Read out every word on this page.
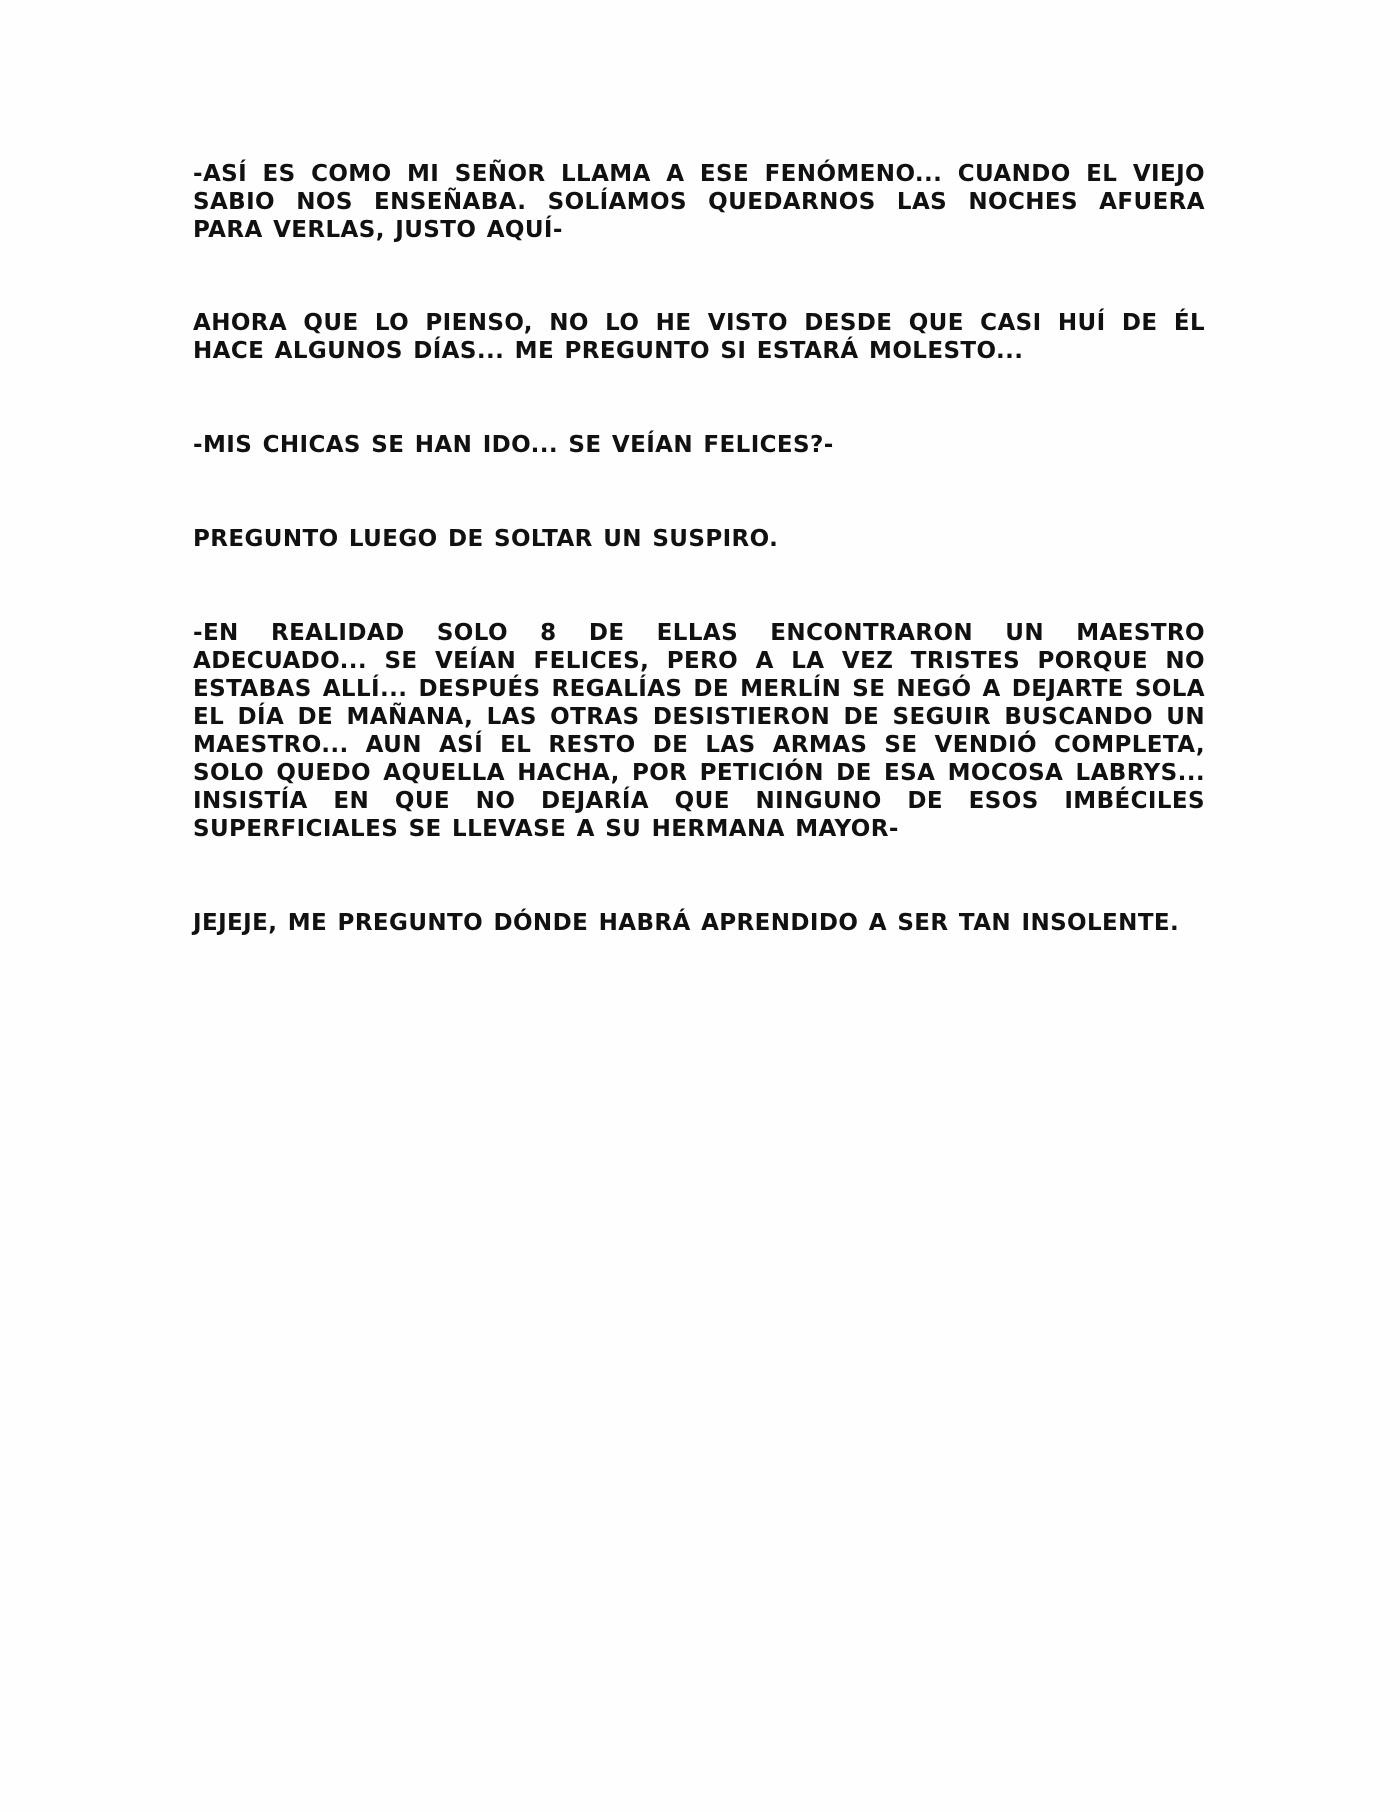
-ASÍ ES COMO MI SEÑOR LLAMA A ESE FENÓMENO... CUANDO EL VIEJO SABIO NOS ENSEÑABA. SOLÍAMOS QUEDARNOS LAS NOCHES AFUERA PARA VERLAS, JUSTO AQUÍ-

AHORA QUE LO PIENSO, NO LO HE VISTO DESDE QUE CASI HUÍ DE ÉL HACE ALGUNOS DÍAS... ME PREGUNTO SI ESTARÁ MOLESTO...

-MIS CHICAS SE HAN IDO... SE VEÍAN FELICES?-

PREGUNTO LUEGO DE SOLTAR UN SUSPIRO.

-EN REALIDAD SOLO 8 DE ELLAS ENCONTRARON UN MAESTRO ADECUADO... SE VEÍAN FELICES, PERO A LA VEZ TRISTES PORQUE NO ESTABAS ALLÍ... DESPUÉS REGALÍAS DE MERLÍN SE NEGÓ A DEJARTE SOLA EL DÍA DE MAÑANA, LAS OTRAS DESISTIERON DE SEGUIR BUSCANDO UN MAESTRO... AUN ASÍ EL RESTO DE LAS ARMAS SE VENDIÓ COMPLETA, SOLO QUEDO AQUELLA HACHA, POR PETICIÓN DE ESA MOCOSA LABRYS... INSISTÍA EN QUE NO DEJARÍA QUE NINGUNO DE ESOS IMBÉCILES SUPERFICIALES SE LLEVASE A SU HERMANA MAYOR-

JEJEJE, ME PREGUNTO DÓNDE HABRÁ APRENDIDO A SER TAN INSOLENTE.
